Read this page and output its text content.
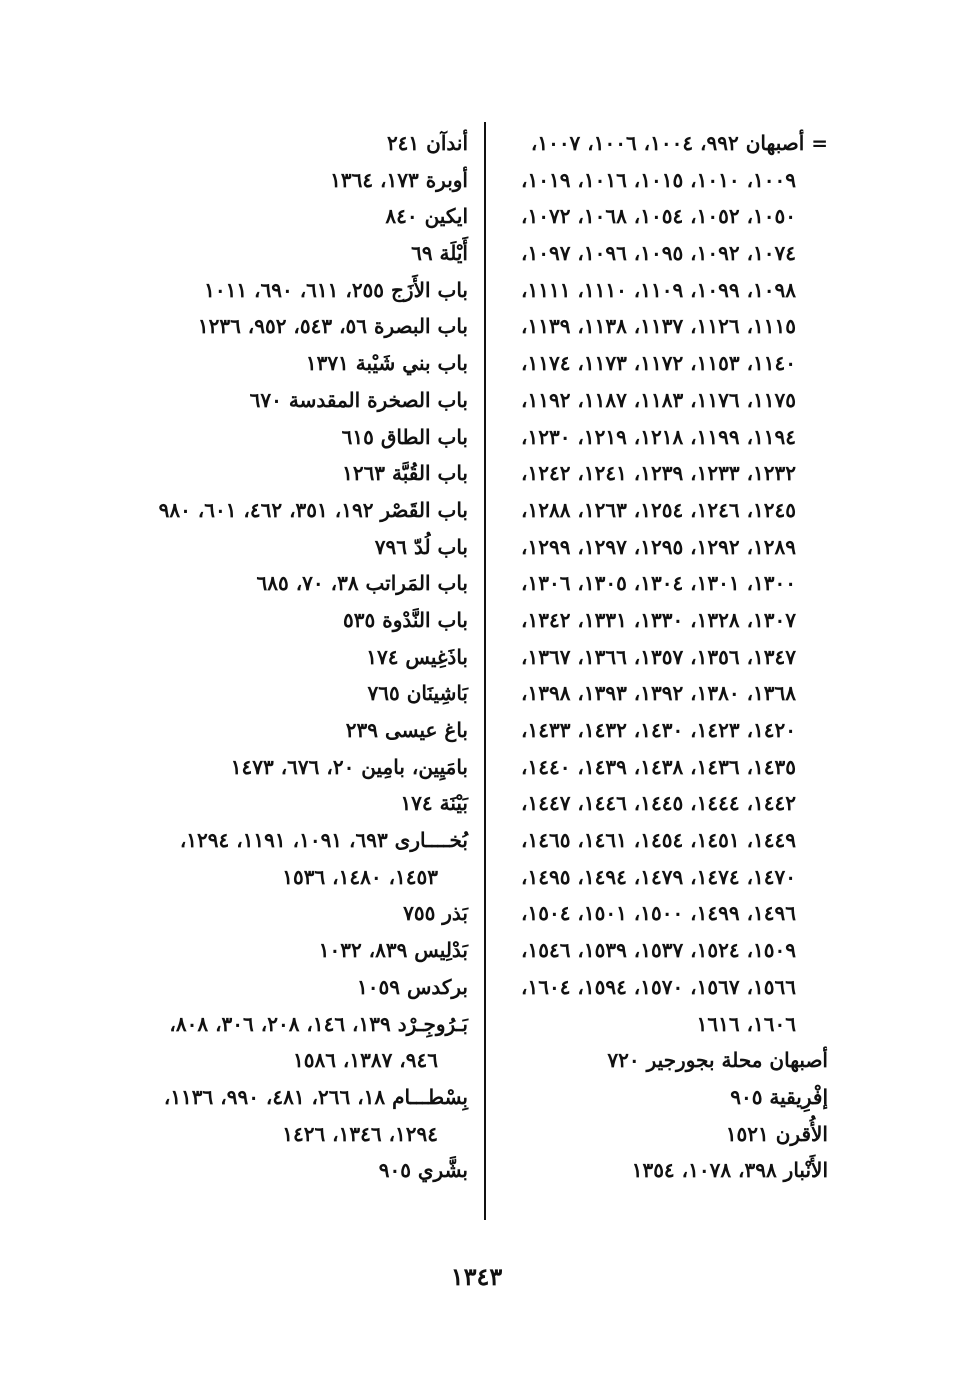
= أصبهان ٩٩٢، ١٠٠٤، ١٠٠٦، ١٠٠٧،
١٠٠٩، ١٠١٠، ١٠١٥، ١٠١٦، ١٠١٩،
١٠٥٠، ١٠٥٢، ١٠٥٤، ١٠٦٨، ١٠٧٢،
١٠٧٤، ١٠٩٢، ١٠٩٥، ١٠٩٦، ١٠٩٧،
١٠٩٨، ١٠٩٩، ١١٠٩، ١١١٠، ١١١١،
١١١٥، ١١٢٦، ١١٣٧، ١١٣٨، ١١٣٩،
١١٤٠، ١١٥٣، ١١٧٢، ١١٧٣، ١١٧٤،
١١٧٥، ١١٧٦، ١١٨٣، ١١٨٧، ١١٩٢،
١١٩٤، ١١٩٩، ١٢١٨، ١٢١٩، ١٢٣٠،
١٢٣٢، ١٢٣٣، ١٢٣٩، ١٢٤١، ١٢٤٢،
١٢٤٥، ١٢٤٦، ١٢٥٤، ١٢٦٣، ١٢٨٨،
١٢٨٩، ١٢٩٢، ١٢٩٥، ١٢٩٧، ١٢٩٩،
١٣٠٠، ١٣٠١، ١٣٠٤، ١٣٠٥، ١٣٠٦،
١٣٠٧، ١٣٢٨، ١٣٣٠، ١٣٣١، ١٣٤٢،
١٣٤٧، ١٣٥٦، ١٣٥٧، ١٣٦٦، ١٣٦٧،
١٣٦٨، ١٣٨٠، ١٣٩٢، ١٣٩٣، ١٣٩٨،
١٤٢٠، ١٤٢٣، ١٤٣٠، ١٤٣٢، ١٤٣٣،
١٤٣٥، ١٤٣٦، ١٤٣٨، ١٤٣٩، ١٤٤٠،
١٤٤٢، ١٤٤٤، ١٤٤٥، ١٤٤٦، ١٤٤٧،
١٤٤٩، ١٤٥١، ١٤٥٤، ١٤٦١، ١٤٦٥،
١٤٧٠، ١٤٧٤، ١٤٧٩، ١٤٩٤، ١٤٩٥،
١٤٩٦، ١٤٩٩، ١٥٠٠، ١٥٠١، ١٥٠٤،
١٥٠٩، ١٥٢٤، ١٥٣٧، ١٥٣٩، ١٥٤٦،
١٥٦٦، ١٥٦٧، ١٥٧٠، ١٥٩٤، ١٦٠٤،
١٦٠٦، ١٦١٦
أصبهان محلة بجورجير ٧٢٠
إفْرِيقية ٩٠٥
الأُقرن ١٥٢١
الأَنْبار ٣٩٨، ١٠٧٨، ١٣٥٤
أندآن ٢٤١
أوبرة ١٧٣، ١٣٦٤
ايكين ٨٤٠
أَيْلَة ٦٩
باب الأَزَج ٢٥٥، ٦١١، ٦٩٠، ١٠١١
باب البصرة ٥٦، ٥٤٣، ٩٥٢، ١٢٣٦
باب بني شَيْبة ١٣٧١
باب الصخرة المقدسة ٦٧٠
باب الطاق ٦١٥
باب القُبَّة ١٢٦٣
باب القَصْر ١٩٢، ٣٥١، ٤٦٢، ٦٠١، ٩٨٠
باب لُدّ ٧٩٦
باب المَراتب ٣٨، ٧٠، ٦٨٥
باب النَّدْوة ٥٣٥
باذَغِيس ١٧٤
بَاشِينَان ٧٦٥
باغ عيسى ٢٣٩
بامَيِين، بامِين ٢٠، ٦٧٦، ١٤٧٣
بَيْنَة ١٧٤
بُخــــارى ٦٩٣، ١٠٩١، ١١٩١، ١٢٩٤،
١٤٥٣، ١٤٨٠، ١٥٣٦
بَذر ٧٥٥
بَدْلِيس ٨٣٩، ١٠٣٢
بركدس ١٠٥٩
بَـرُوجِـرْد ١٣٩، ١٤٦، ٢٠٨، ٣٠٦، ٨٠٨،
٩٤٦، ١٣٨٧، ١٥٨٦
بِسْطـــام ١٨، ٢٦٦، ٤٨١، ٩٩٠، ١١٣٦،
١٢٩٤، ١٣٤٦، ١٤٢٦
بشَّري ٩٠٥
١٣٤٣
